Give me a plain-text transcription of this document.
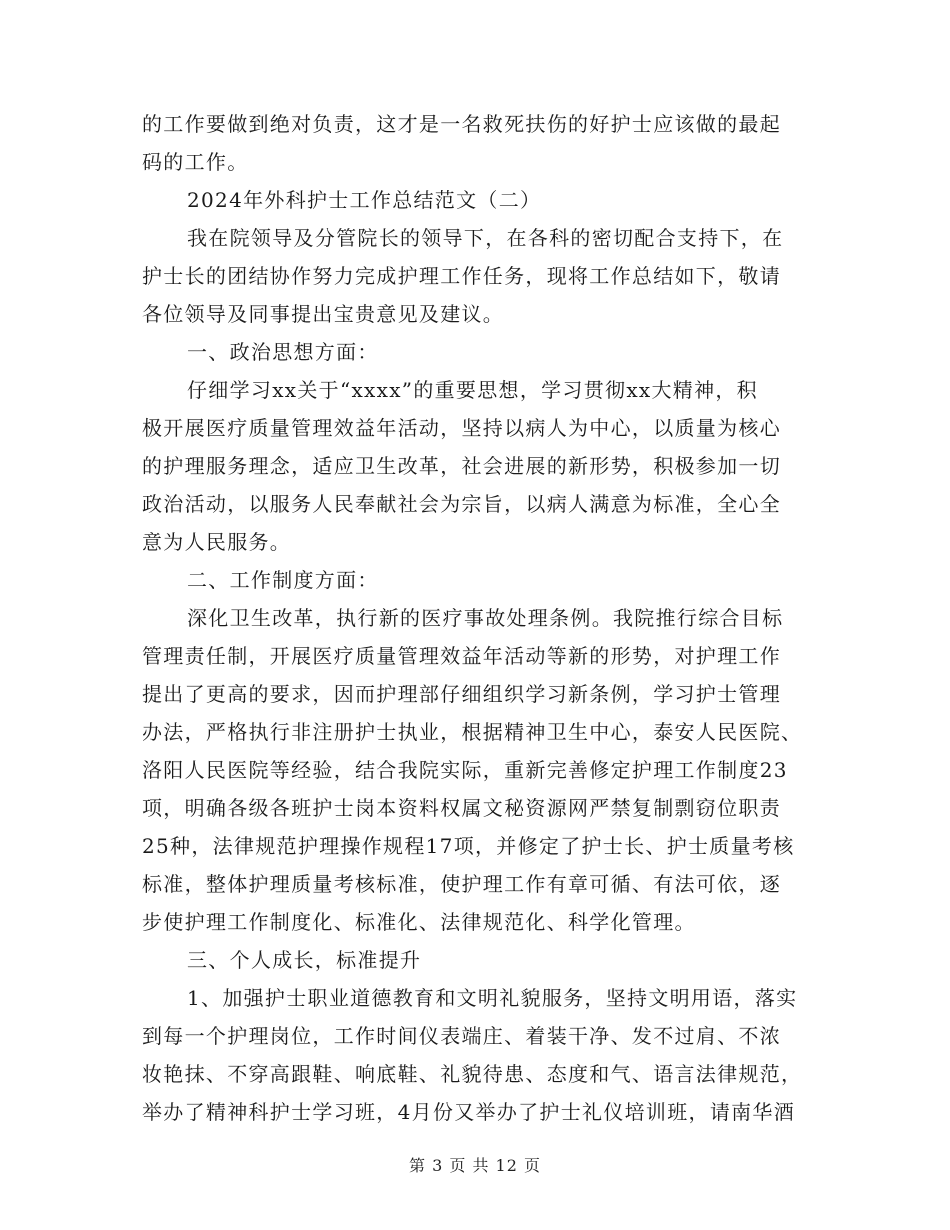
的工作要做到绝对负责，这才是一名救死扶伤的好护士应该做的最起
码的工作。
2024年外科护士工作总结范文（二）
我在院领导及分管院长的领导下，在各科的密切配合支持下，在
护士长的团结协作努力完成护理工作任务，现将工作总结如下，敬请
各位领导及同事提出宝贵意见及建议。
一、政治思想方面：
仔细学习xx关于“xxxx”的重要思想，学习贯彻xx大精神，积
极开展医疗质量管理效益年活动，坚持以病人为中心，以质量为核心
的护理服务理念，适应卫生改革，社会进展的新形势，积极参加一切
政治活动，以服务人民奉献社会为宗旨，以病人满意为标准，全心全
意为人民服务。
二、工作制度方面：
深化卫生改革，执行新的医疗事故处理条例。我院推行综合目标
管理责任制，开展医疗质量管理效益年活动等新的形势，对护理工作
提出了更高的要求，因而护理部仔细组织学习新条例，学习护士管理
办法，严格执行非注册护士执业，根据精神卫生中心，泰安人民医院、
洛阳人民医院等经验，结合我院实际，重新完善修定护理工作制度23
项，明确各级各班护士岗本资料权属文秘资源网严禁复制剽窃位职责
25种，法律规范护理操作规程17项，并修定了护士长、护士质量考核
标准，整体护理质量考核标准，使护理工作有章可循、有法可依，逐
步使护理工作制度化、标准化、法律规范化、科学化管理。
三、个人成长，标准提升
1、加强护士职业道德教育和文明礼貌服务，坚持文明用语，落实
到每一个护理岗位，工作时间仪表端庄、着装干净、发不过肩、不浓
妆艳抹、不穿高跟鞋、响底鞋、礼貌待患、态度和气、语言法律规范，
举办了精神科护士学习班，4月份又举办了护士礼仪培训班，请南华酒
第 3 页 共 12 页
